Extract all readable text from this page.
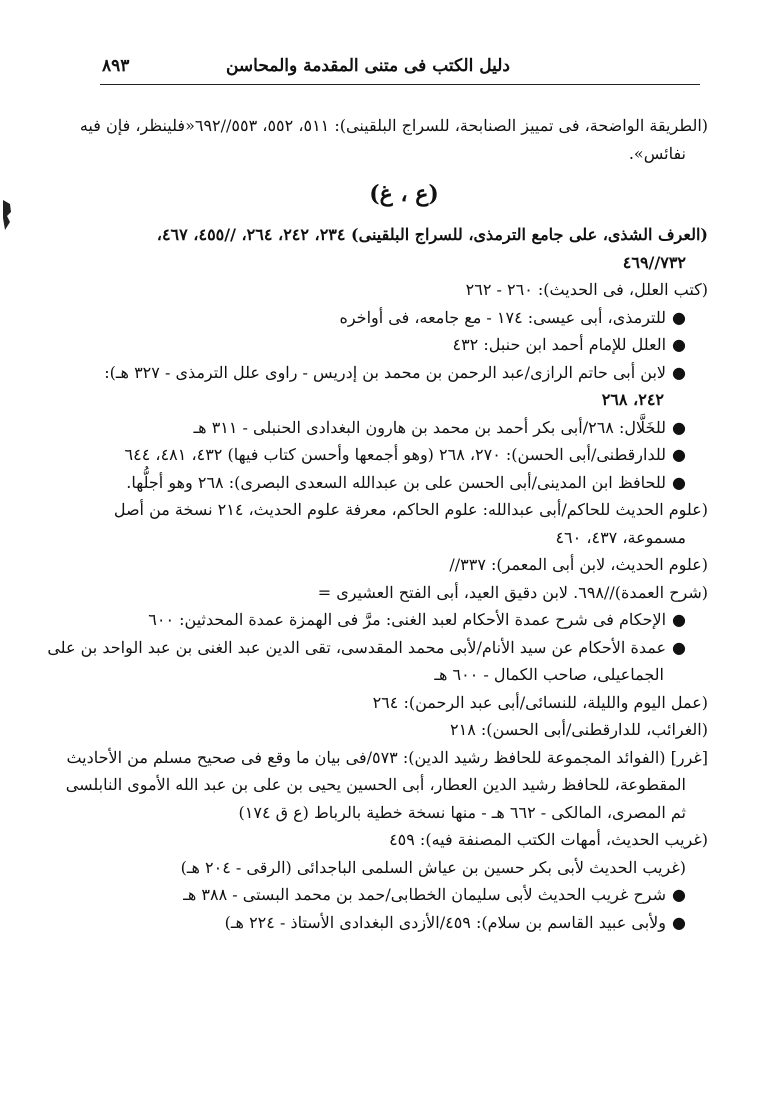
دليل الكتب فى متنى المقدمة والمحاسن
٨٩٣
(الطريقة الواضحة، فى تمييز الصنابحة، للسراج البلقينى): ٥١١، ٥٥٢، ٥٥٣//٦٩٢«فلينظر، فإن فيه
نفائس».
(ع ، غ)
(العرف الشذى، على جامع الترمذى، للسراج البلقينى) ٢٣٤، ٢٤٢، ٢٦٤، //٤٥٥، ٤٦٧،
٧٣٢//٤٦٩
(كتب العلل، فى الحديث): ٢٦٠ - ٢٦٢
●للترمذى، أبى عيسى: ١٧٤ - مع جامعه، فى أواخره
●العلل للإمام أحمد ابن حنبل: ٤٣٢
●لابن أبى حاتم الرازى/عبد الرحمن بن محمد بن إدريس - راوى علل الترمذى - ٣٢٧ هـ):
٢٤٢، ٢٦٨
●للخَلَّال: ٢٦٨/أبى بكر أحمد بن محمد بن هارون البغدادى الحنبلى - ٣١١ هـ
●للدارقطنى/أبى الحسن): ٢٧٠، ٢٦٨ (وهو أجمعها وأحسن كتاب فيها) ٤٣٢، ٤٨١، ٦٤٤
●للحافظ ابن المدينى/أبى الحسن على بن عبدالله السعدى البصرى): ٢٦٨ وهو أجلُّها.
(علوم الحديث للحاكم/أبى عبدالله: علوم الحاكم، معرفة علوم الحديث، ٢١٤ نسخة من أصل
مسموعة، ٤٣٧، ٤٦٠
(علوم الحديث، لابن أبى المعمر): ٣٣٧//
(شرح العمدة)//٦٩٨. لابن دقيق العيد، أبى الفتح العشيرى =
●الإحكام فى شرح عمدة الأحكام لعبد الغنى: مرَّ فى الهمزة عمدة المحدثين: ٦٠٠
●عمدة الأحكام عن سيد الأنام/لأبى محمد المقدسى، تقى الدين عبد الغنى بن عبد الواحد بن على
الجماعيلى، صاحب الكمال - ٦٠٠ هـ
(عمل اليوم والليلة، للنسائى/أبى عبد الرحمن): ٢٦٤
(الغرائب، للدارقطنى/أبى الحسن): ٢١٨
[غرر] (الفوائد المجموعة للحافظ رشيد الدين): ٥٧٣/فى بيان ما وقع فى صحيح مسلم من الأحاديث
المقطوعة، للحافظ رشيد الدين العطار، أبى الحسين يحيى بن على بن عبد الله الأموى النابلسى
ثم المصرى، المالكى - ٦٦٢ هـ - منها نسخة خطية بالرباط (ع ق ١٧٤)
(غريب الحديث، أمهات الكتب المصنفة فيه): ٤٥٩
(غريب الحديث لأبى بكر حسين بن عياش السلمى الباجدائى (الرقى - ٢٠٤ هـ)
●شرح غريب الحديث لأبى سليمان الخطابى/حمد بن محمد البستى - ٣٨٨ هـ
●ولأبى عبيد القاسم بن سلام): ٤٥٩/الأزدى البغدادى الأستاذ - ٢٢٤ هـ)
